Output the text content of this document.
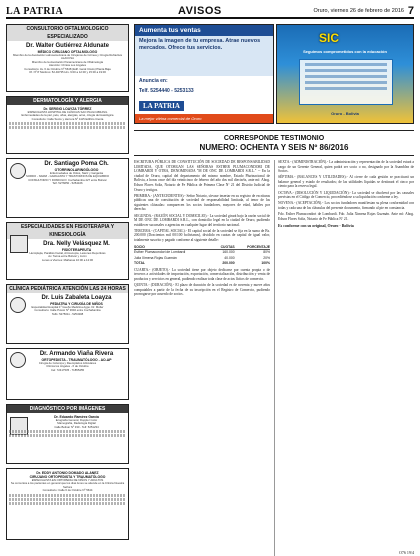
LA PATRIA	AVISOS	Oruro, viernes 26 de febrero de 2016 7
CONSULTORIO OFTALMOLOGICO ESPECIALIZADO
Dr. Walter Gutiérrez Aldunate
MÉDICO CIRUJANO OFTALMOLOGO
Miembro de la Asociación Latinoamericana de Cirujanos de Córnea y Cirugía Refractiva ALACCSA
Miembro de la Asociación Panamericana de Oftalmología
Atención: Clínica Los Angeles
Consultorio: Av. 6 de Octubre Nº 5648 (Edif. Geral Clovis) Planta Baja
Of. Nº 8 Teléfono: 52-94735 Hrs. 9:00 a 12:00 y 15:00 a 19:00
DERMATOLOGÍA Y ALERGIA
Dr. SERGIO LOAYZA TÓRREZ
ESPECIALISTA HOSPITAL DE CLÍNICAS SAO PAULO-BRASIL
Enfermedades de la piel, pelo, uñas, alergias, acné, cirugía dermatológica
Consultorio: Calle Sucre y Herrera Nº 1115 Edificio Cienta
Dr. Santiago Poma Ch.
OTORRINOLARINGÓLOGO
Enfermedades de Oídos, Nariz y Garganta
SORDO - NARIZ - GARGANTA Y TRASTORNOS DE EQUILIBRIO
CONSULTORIO Y DOMICILIO: Cochabamba 427 entre Bolívar
Telf. 5276650 - 5254106
ESPECIALIDADES EN FISIOTERAPIA Y KINESIOLOGÍA
Dra. Nelly Velásquez M.
FISIOTERAPEUTA
Hemiplejia, Parálisis Facial, Artroscopía, Lesiones Deportivas
Av. Tacna entre Bolívar y Junín
Lunes a Viernes: Mañanas 10:00 a 12:00
CLÍNICA PEDIÁTRICA ATENCIÓN LAS 24 HORAS
Dr. Luis Zabaleta Loayza
PEDIATRA Y CIRUGÍA DE NIÑOS
Especialidad Hospital 1º Gueño Medicina Agpo. Dr. Moller
Consultorio: Calle Potosí Nº 3640 entre Cochabamba
Telfs: 5275011 - 5254308
Dr. Armando Viaña Rivera
ORTOPEDISTA - TRAUMATÓLOGO - AO-AP
Cirugía de Columna y Reemplazos Articulares
Clínica los Ángeles - 6 de Octubre
Cel: 72417535 - 71855455
DIAGNÓSTICO POR IMÁGENES
Dr. Eduardo Ramírez García
Ecografía General, Doppler Color
Mamografía, Radiología Digital
Calle Bolívar Nº 330 - Telf. 5251234
Dr. EDDY ANTONIO DOMADO ALANEZ
CIRUJANO ORTOPEDISTA Y TRAUMATÓLOGO
ESPECIALISTA EN ORTOPEDIA DE NIÑOS Y ADULTOS
Se comunica a los pacientes en general que los días lunes se atiende en la Clínica Nuestra Señora
Consultorio: Calle 6 de Octubre Nº 5644
Aumenta tus ventas
Mejora la imagen de tu empresa. Atrae nuevos mercados. Ofrece tus servicios.
Anuncia en:
Telf. 5254440 - 5253133
LA PATRIA
La mejor vitrina comercial de Oruro
SIC
Seguimos comprometidos con la educación
Oruro - Bolivia
CORRESPONDE TESTIMONIO
NUMERO: OCHENTA Y SEIS Nº 86/2016

ESCRITURA PÚBLICA DE CONSTITUCIÓN DE SOCIEDAD DE RESPONSABILIDAD LIMITADA, QUE OTORGAN LAS SEÑORAS ESTHER PLUMACONDORI DE LOMBARDI Y OTRA, DENOMINADA "M DE ONC DE LOMBARDI S.R.L." -- En la ciudad de Oruro, capital del departamento del mismo nombre, Estado Plurinacional de Bolivia, a horas once del día veinticinco de febrero del año dos mil dieciséis, ante mí: Abog. Edson Flores Soliz, Notario de Fe Pública de Primera Clase Nº 21 del Distrito Judicial de Oruro y testigos.

PRIMERA.- (ANTECEDENTES).- Señor Notario, sírvase insertar en su registro de escrituras públicas una de constitución de sociedad de responsabilidad limitada, al tenor de las siguientes cláusulas: comparecen los socios fundadores, mayores de edad, hábiles por derecho.

SEGUNDA.- (RAZÓN SOCIAL Y DOMICILIO).- La sociedad girará bajo la razón social de M DE ONC DE LOMBARDI S.R.L., con domicilio legal en la ciudad de Oruro, pudiendo establecer sucursales o agencias en cualquier lugar del territorio nacional.

TERCERA.- (CAPITAL SOCIAL).- El capital social de la sociedad se fija en la suma de Bs. 200.000 (Doscientos mil 00/100 bolivianos), dividido en cuotas de capital de igual valor, totalmente suscrito y pagado conforme al siguiente detalle:

SOCIO	CUOTAS	PORCENTAJE
Esther Plumacondori de Lombardi	160.000	80%
Julia Ximena Rojas Guzmán	40.000	20%
TOTAL	200.000	100%

CUARTA.- (OBJETO).- La sociedad tiene por objeto dedicarse por cuenta propia o de terceros a actividades de importación, exportación, comercialización, distribución y venta de productos y servicios en general, pudiendo realizar toda clase de actos lícitos de comercio.

QUINTA.- (DURACIÓN).- El plazo de duración de la sociedad es de noventa y nueve años computables a partir de la fecha de su inscripción en el Registro de Comercio, pudiendo prorrogarse por acuerdo de socios.

SEXTA.- (ADMINISTRACIÓN).- La administración y representación de la sociedad estará a cargo de un Gerente General, quien podrá ser socio o no, designado por la Asamblea de Socios.

SÉPTIMA.- (BALANCES Y UTILIDADES).- Al cierre de cada gestión se practicará un balance general y estado de resultados; de las utilidades líquidas se destinará el cinco por ciento para la reserva legal.

OCTAVA.- (DISOLUCIÓN Y LIQUIDACIÓN).- La sociedad se disolverá por las causales previstas en el Código de Comercio, procediéndose a su liquidación conforme a ley.

NOVENA.- (ACEPTACIÓN).- Los socios fundadores manifiestan su plena conformidad con todas y cada una de las cláusulas del presente documento, firmando al pie en constancia.

Fdo. Esther Plumacondori de Lombardi. Fdo. Julia Ximena Rojas Guzmán. Ante mí: Abog. Edson Flores Soliz, Notario de Fe Pública Nº 21.

Es conforme con su original, Oruro - Bolivia

O76 19/4
